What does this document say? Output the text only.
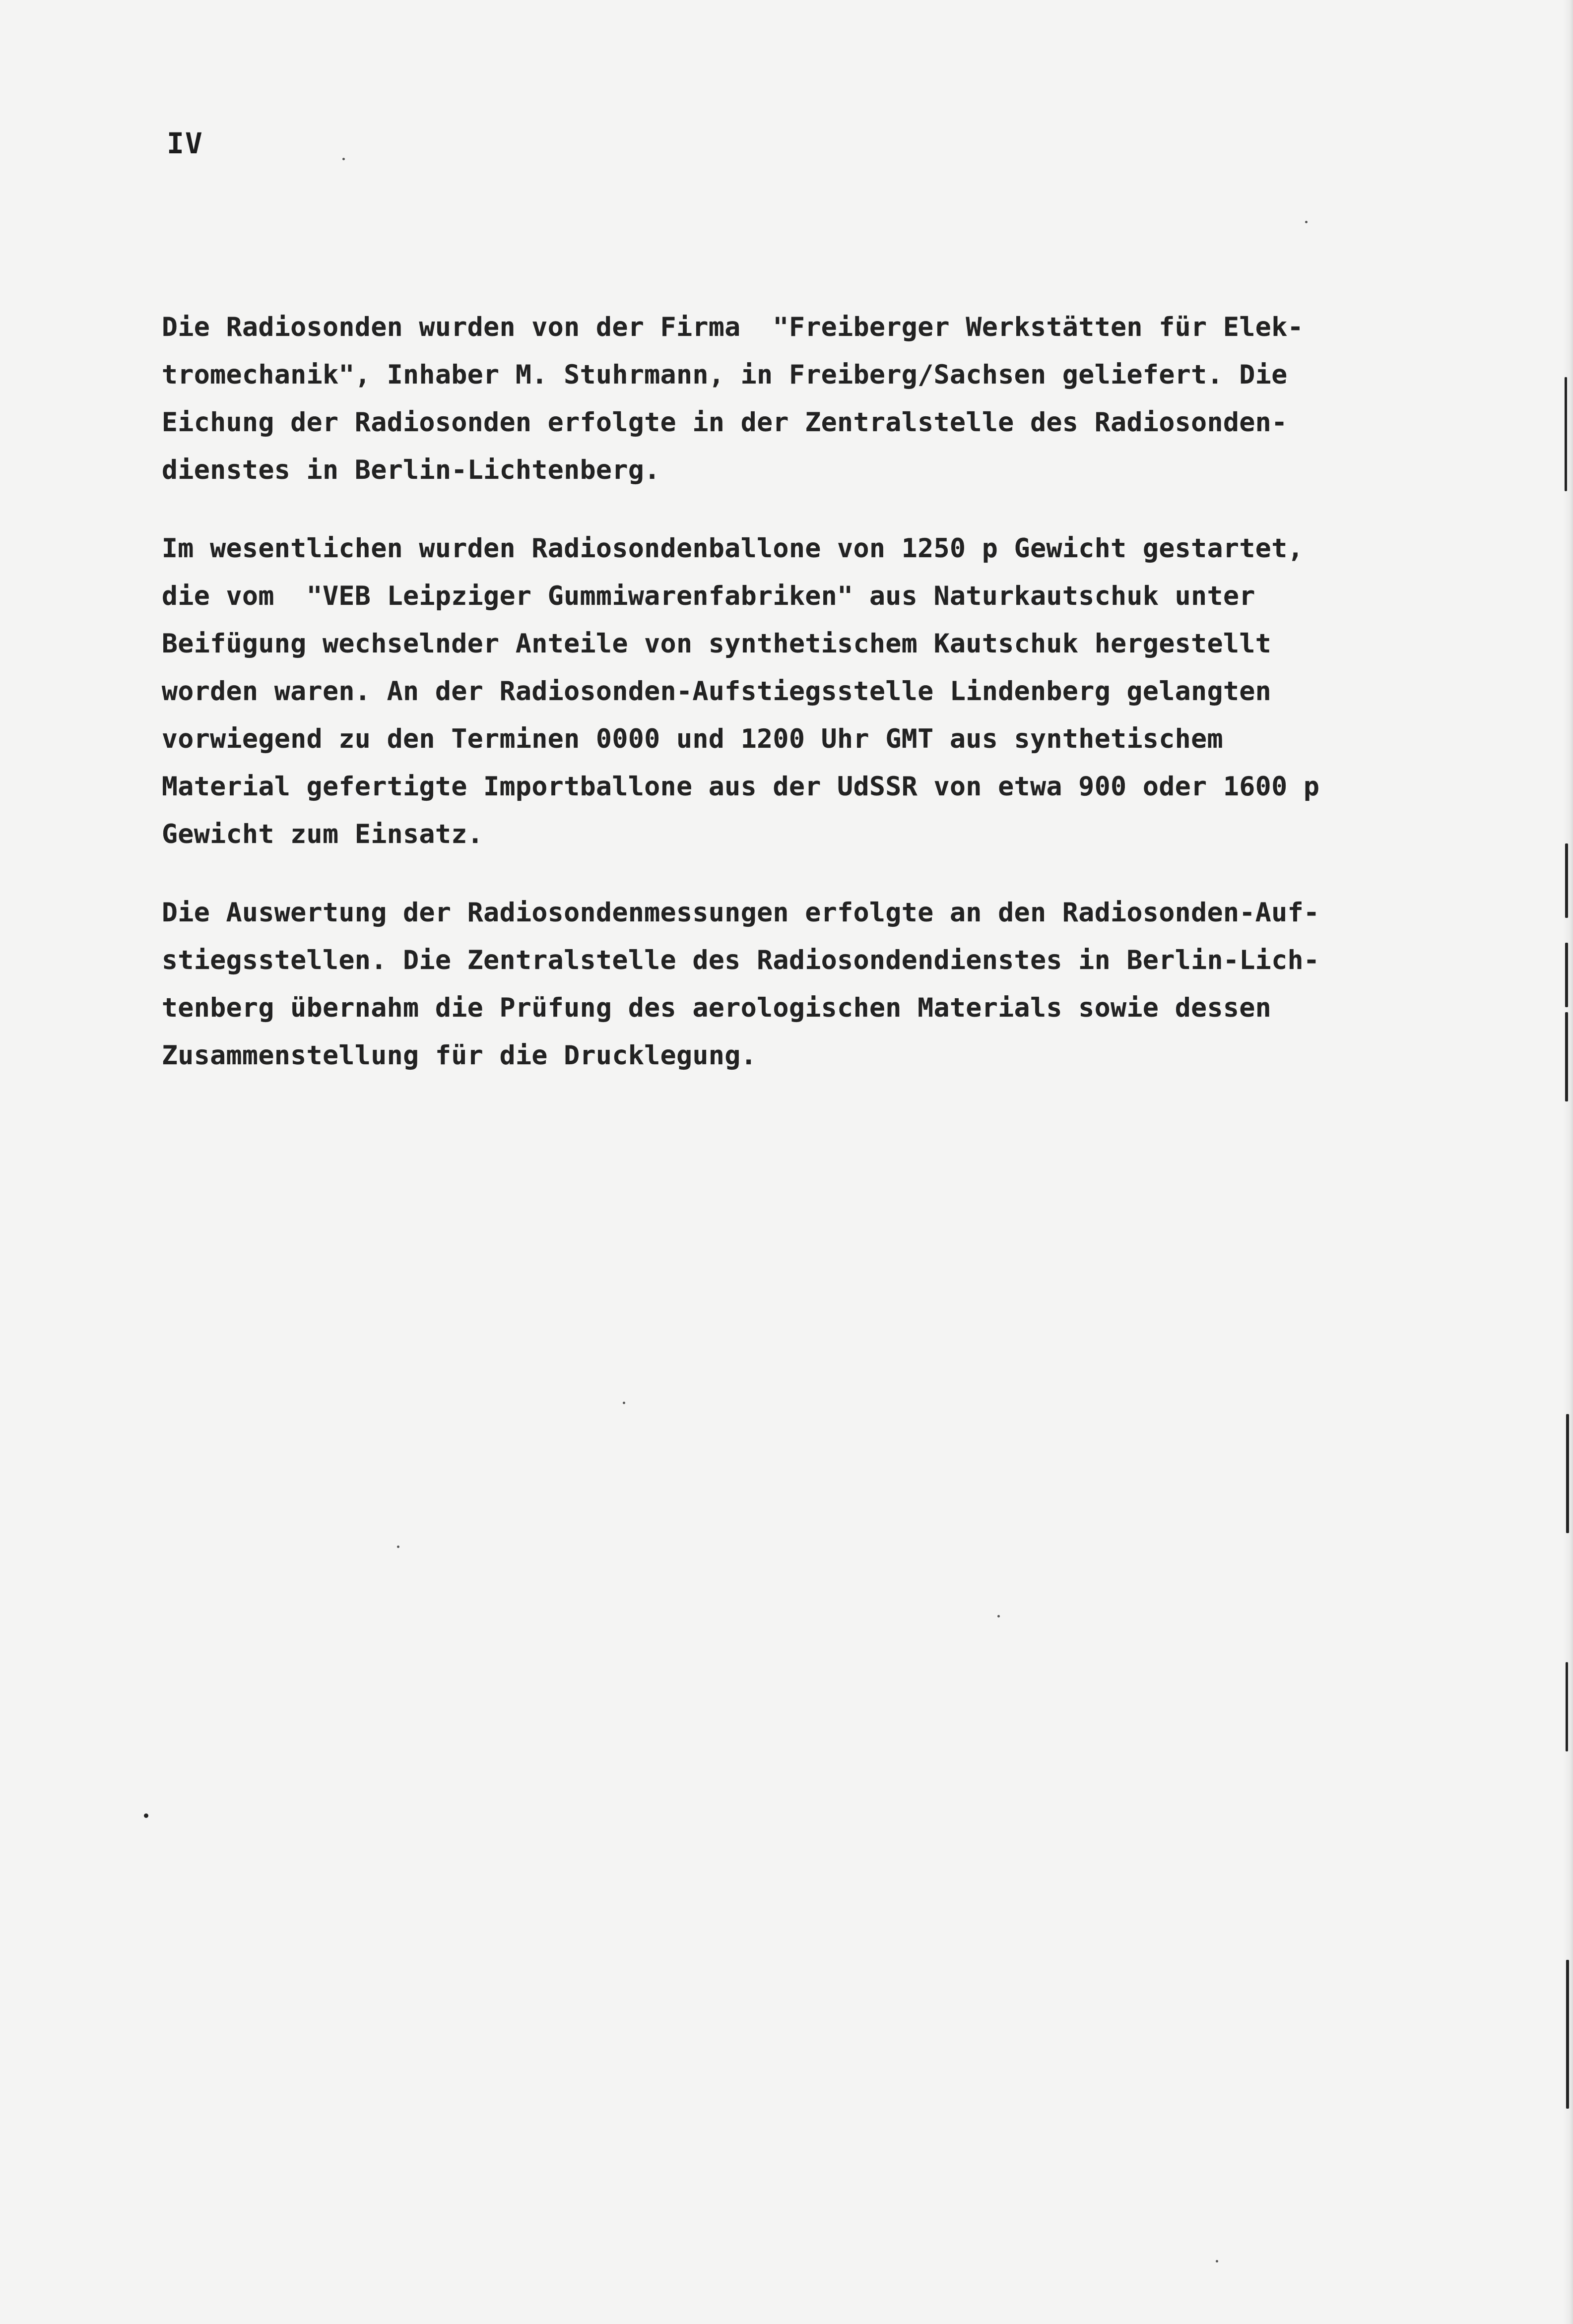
IV
Die Radiosonden wurden von der Firma  "Freiberger Werkstätten für Elek-
tromechanik", Inhaber M. Stuhrmann, in Freiberg/Sachsen geliefert. Die
Eichung der Radiosonden erfolgte in der Zentralstelle des Radiosonden-
dienstes in Berlin-Lichtenberg.
Im wesentlichen wurden Radiosondenballone von 1250 p Gewicht gestartet,
die vom  "VEB Leipziger Gummiwarenfabriken" aus Naturkautschuk unter
Beifügung wechselnder Anteile von synthetischem Kautschuk hergestellt
worden waren. An der Radiosonden-Aufstiegsstelle Lindenberg gelangten
vorwiegend zu den Terminen 0000 und 1200 Uhr GMT aus synthetischem
Material gefertigte Importballone aus der UdSSR von etwa 900 oder 1600 p
Gewicht zum Einsatz.
Die Auswertung der Radiosondenmessungen erfolgte an den Radiosonden-Auf-
stiegsstellen. Die Zentralstelle des Radiosondendienstes in Berlin-Lich-
tenberg übernahm die Prüfung des aerologischen Materials sowie dessen
Zusammenstellung für die Drucklegung.
